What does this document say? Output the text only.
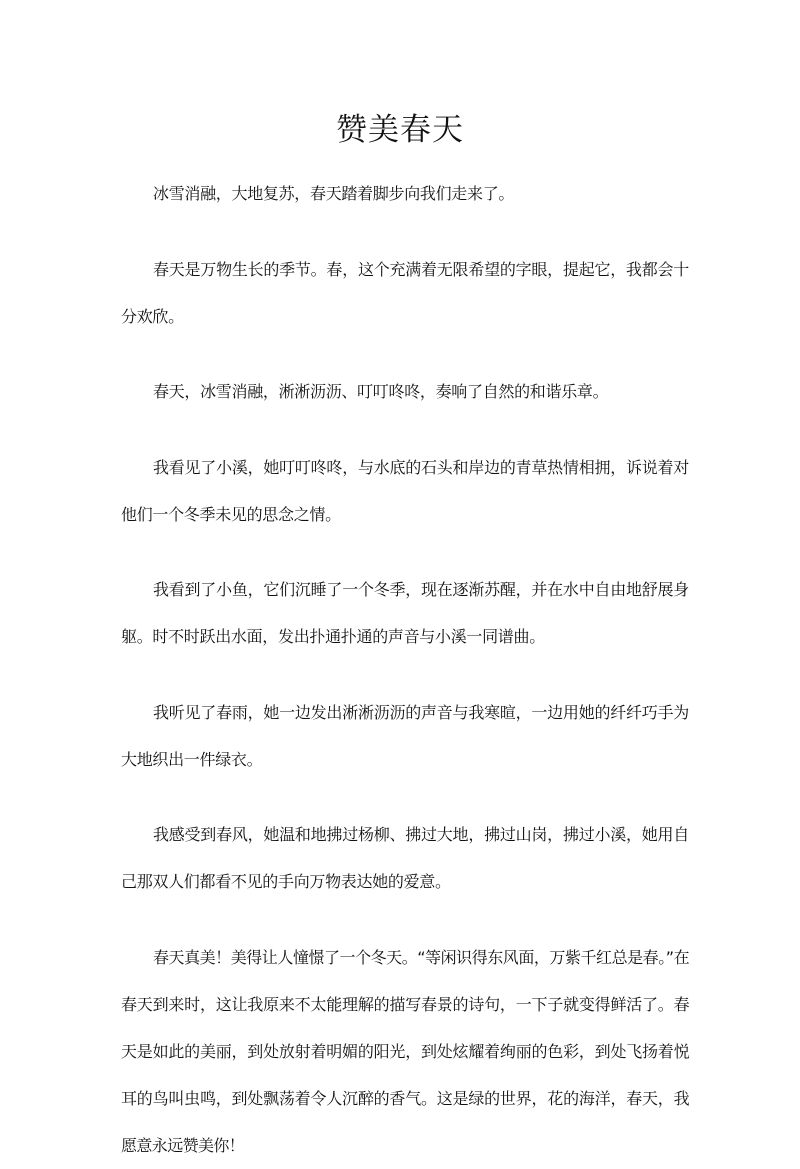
赞美春天

冰雪消融，大地复苏，春天踏着脚步向我们走来了。

春天是万物生长的季节。春，这个充满着无限希望的字眼，提起它，我都会十分欢欣。

春天，冰雪消融，淅淅沥沥、叮叮咚咚，奏响了自然的和谐乐章。

我看见了小溪，她叮叮咚咚，与水底的石头和岸边的青草热情相拥，诉说着对他们一个冬季未见的思念之情。

我看到了小鱼，它们沉睡了一个冬季，现在逐渐苏醒，并在水中自由地舒展身躯。时不时跃出水面，发出扑通扑通的声音与小溪一同谱曲。

我听见了春雨，她一边发出淅淅沥沥的声音与我寒暄，一边用她的纤纤巧手为大地织出一件绿衣。

我感受到春风，她温和地拂过杨柳、拂过大地，拂过山岗，拂过小溪，她用自己那双人们都看不见的手向万物表达她的爱意。

春天真美！美得让人憧憬了一个冬天。“等闲识得东风面，万紫千红总是春。”在春天到来时，这让我原来不太能理解的描写春景的诗句，一下子就变得鲜活了。春天是如此的美丽，到处放射着明媚的阳光，到处炫耀着绚丽的色彩，到处飞扬着悦耳的鸟叫虫鸣，到处飘荡着令人沉醉的香气。这是绿的世界，花的海洋，春天，我愿意永远赞美你！
